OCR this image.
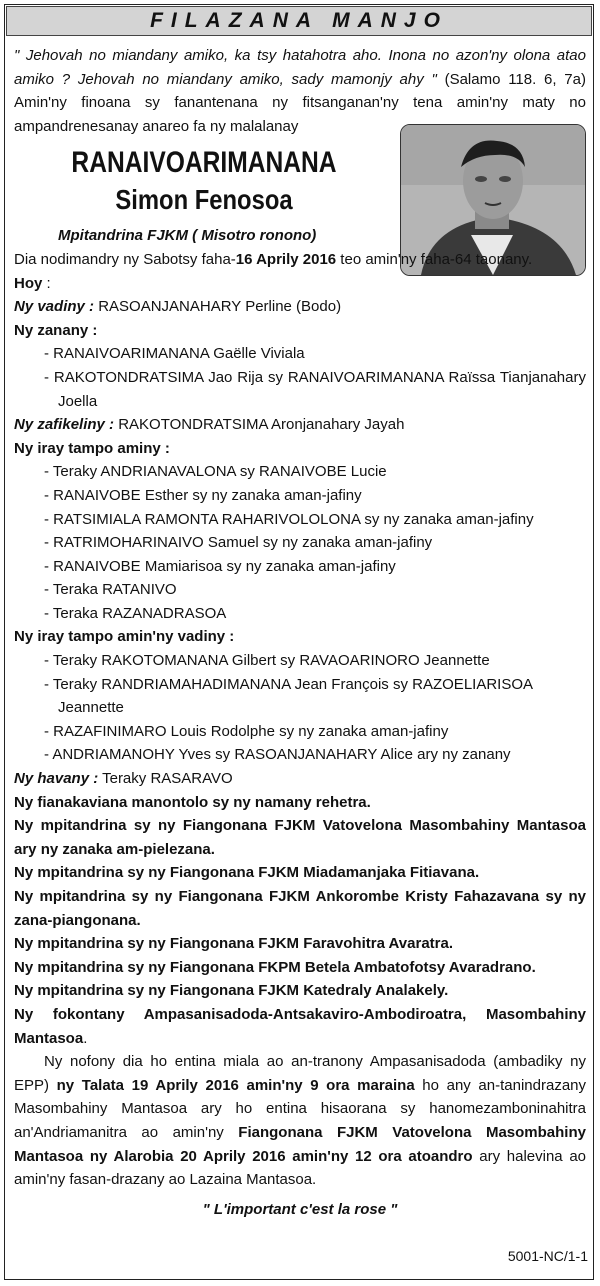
FILAZANA MANJO
" Jehovah no miandany amiko, ka tsy hatahotra aho. Inona no azon'ny olona atao amiko ? Jehovah no miandany amiko, sady mamonjy ahy " (Salamo 118. 6, 7a) Amin'ny finoana sy fanantenana ny fitsanganan'ny tena amin'ny maty no ampandrenesanay anareo fa ny malalanay
RANAIVOARIMANANA
Simon Fenosoa
Mpitandrina FJKM ( Misotro ronono)
Dia nodimandry ny Sabotsy faha-16 Aprily 2016 teo amin'ny faha-64 taonany.
Hoy :
Ny vadiny : RASOANJANAHARY Perline (Bodo)
Ny zanany :
- RANAIVOARIMANANA Gaëlle Viviala
- RAKOTONDRATSIMA Jao Rija sy RANAIVOARIMANANA Raïssa Tianjanahary Joella
Ny zafikeliny : RAKOTONDRATSIMA Aronjanahary Jayah
Ny iray tampo aminy :
- Teraky ANDRIANAVALONA sy RANAIVOBE Lucie
- RANAIVOBE Esther sy ny zanaka aman-jafiny
- RATSIMIALA RAMONTA RAHARIVOLOLONA sy ny zanaka aman-jafiny
- RATRIMOHARINAIVO Samuel sy ny zanaka aman-jafiny
- RANAIVOBE Mamiarisoa sy ny zanaka aman-jafiny
- Teraka RATANIVO
- Teraka RAZANADRASOA
Ny iray tampo amin'ny vadiny :
- Teraky RAKOTOMANANA Gilbert sy RAVAOARINORO Jeannette
- Teraky RANDRIAMAHADIMANANA Jean François sy RAZOELIARISOA Jeannette
- RAZAFINIMARO Louis Rodolphe sy ny zanaka aman-jafiny
- ANDRIAMANOHY Yves sy RASOANJANAHARY Alice ary ny zanany
Ny havany : Teraky RASARAVO
Ny fianakaviana manontolo sy ny namany rehetra.
Ny mpitandrina sy ny Fiangonana FJKM Vatovelona Masombahiny Mantasoa ary ny zanaka am-pielezana.
Ny mpitandrina sy ny Fiangonana FJKM Miadamanjaka Fitiavana.
Ny mpitandrina sy ny Fiangonana FJKM Ankorombe Kristy Fahazavana sy ny zana-piangonana.
Ny mpitandrina sy ny Fiangonana FJKM Faravohitra Avaratra.
Ny mpitandrina sy ny Fiangonana FKPM Betela Ambatofotsy Avaradrano.
Ny mpitandrina sy ny Fiangonana FJKM Katedraly Analakely.
Ny fokontany Ampasanisadoda-Antsakaviro-Ambodiroatra, Masombahiny Mantasoa.
Ny nofony dia ho entina miala ao an-tranony Ampasanisadoda (ambadiky ny EPP) ny Talata 19 Aprily 2016 amin'ny 9 ora maraina ho any an-tanindrazany Masombahiny Mantasoa ary ho entina hisaorana sy hanomezamboninahitra an'Andriamanitra ao amin'ny Fiangonana FJKM Vatovelona Masombahiny Mantasoa ny Alarobia 20 Aprily 2016 amin'ny 12 ora atoandro ary halevina ao amin'ny fasan-drazany ao Lazaina Mantasoa.
" L'important c'est la rose "
5001-NC/1-1
